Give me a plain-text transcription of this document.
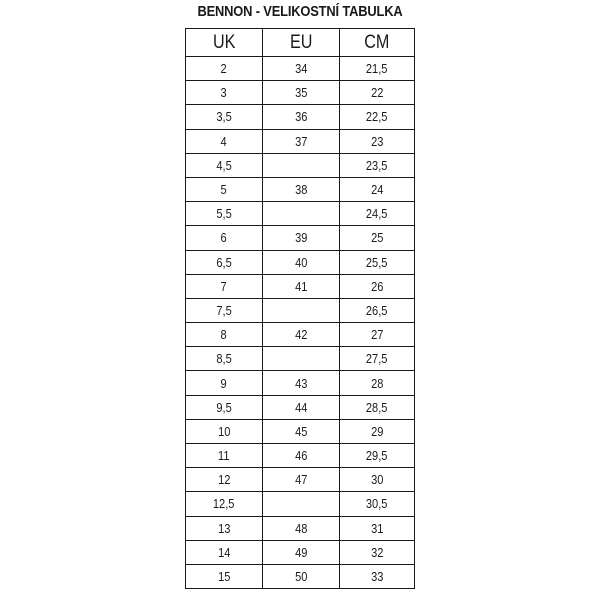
BENNON - VELIKOSTNÍ TABULKA
UK	EU	CM
2	34	21,5
3	35	22
3,5	36	22,5
4	37	23
4,5		23,5
5	38	24
5,5		24,5
6	39	25
6,5	40	25,5
7	41	26
7,5		26,5
8	42	27
8,5		27,5
9	43	28
9,5	44	28,5
10	45	29
11	46	29,5
12	47	30
12,5		30,5
13	48	31
14	49	32
15	50	33
